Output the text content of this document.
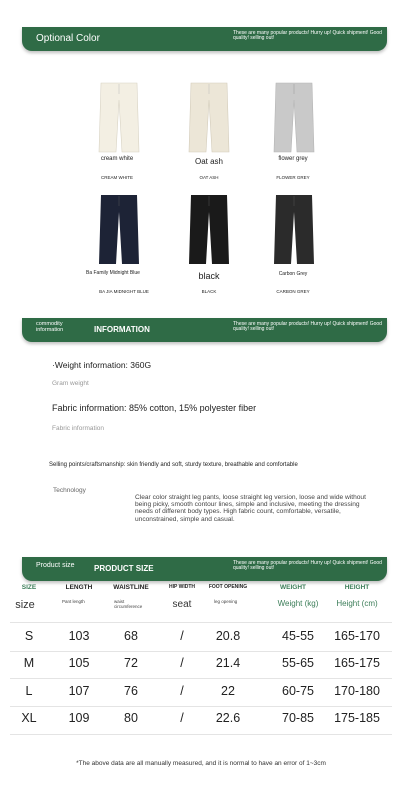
Optional Color	These are many popular products! Hurry up! Quick shipment! Good quality! selling out!
cream white
CREAM WHITE
Oat ash
OAT ASH
flower grey
FLOWER GREY
Ba Family Midnight Blue
BA JIA MIDNIGHT BLUE
black
BLACK
Carbon Grey
CARBON GREY
commodity information	INFORMATION
These are many popular products! Hurry up! Quick shipment! Good quality! selling out!
·Weight information: 360G
Gram weight
Fabric information: 85% cotton, 15% polyester fiber
Fabric information
Selling points/craftsmanship: skin friendly and soft, sturdy texture, breathable and comfortable
Technology
Clear color straight leg pants, loose straight leg version, loose and wide without being picky, smooth contour lines, simple and inclusive, meeting the dressing needs of different body types. High fabric count, comfortable, versatile, unconstrained, simple and casual.
Product size	PRODUCT SIZE
These are many popular products! Hurry up! Quick shipment! Good quality! selling out!
SIZE	LENGTH	WAISTLINE	HIP WIDTH	FOOT OPENING	WEIGHT	HEIGHT
size	Pant length	waist circumference	seat	leg opening	Weight (kg)	Height (cm)
S	103	68	/	20.8	45-55	165-170
M	105	72	/	21.4	55-65	165-175
L	107	76	/	22	60-75	170-180
XL	109	80	/	22.6	70-85	175-185
*The above data are all manually measured, and it is normal to have an error of 1~3cm
